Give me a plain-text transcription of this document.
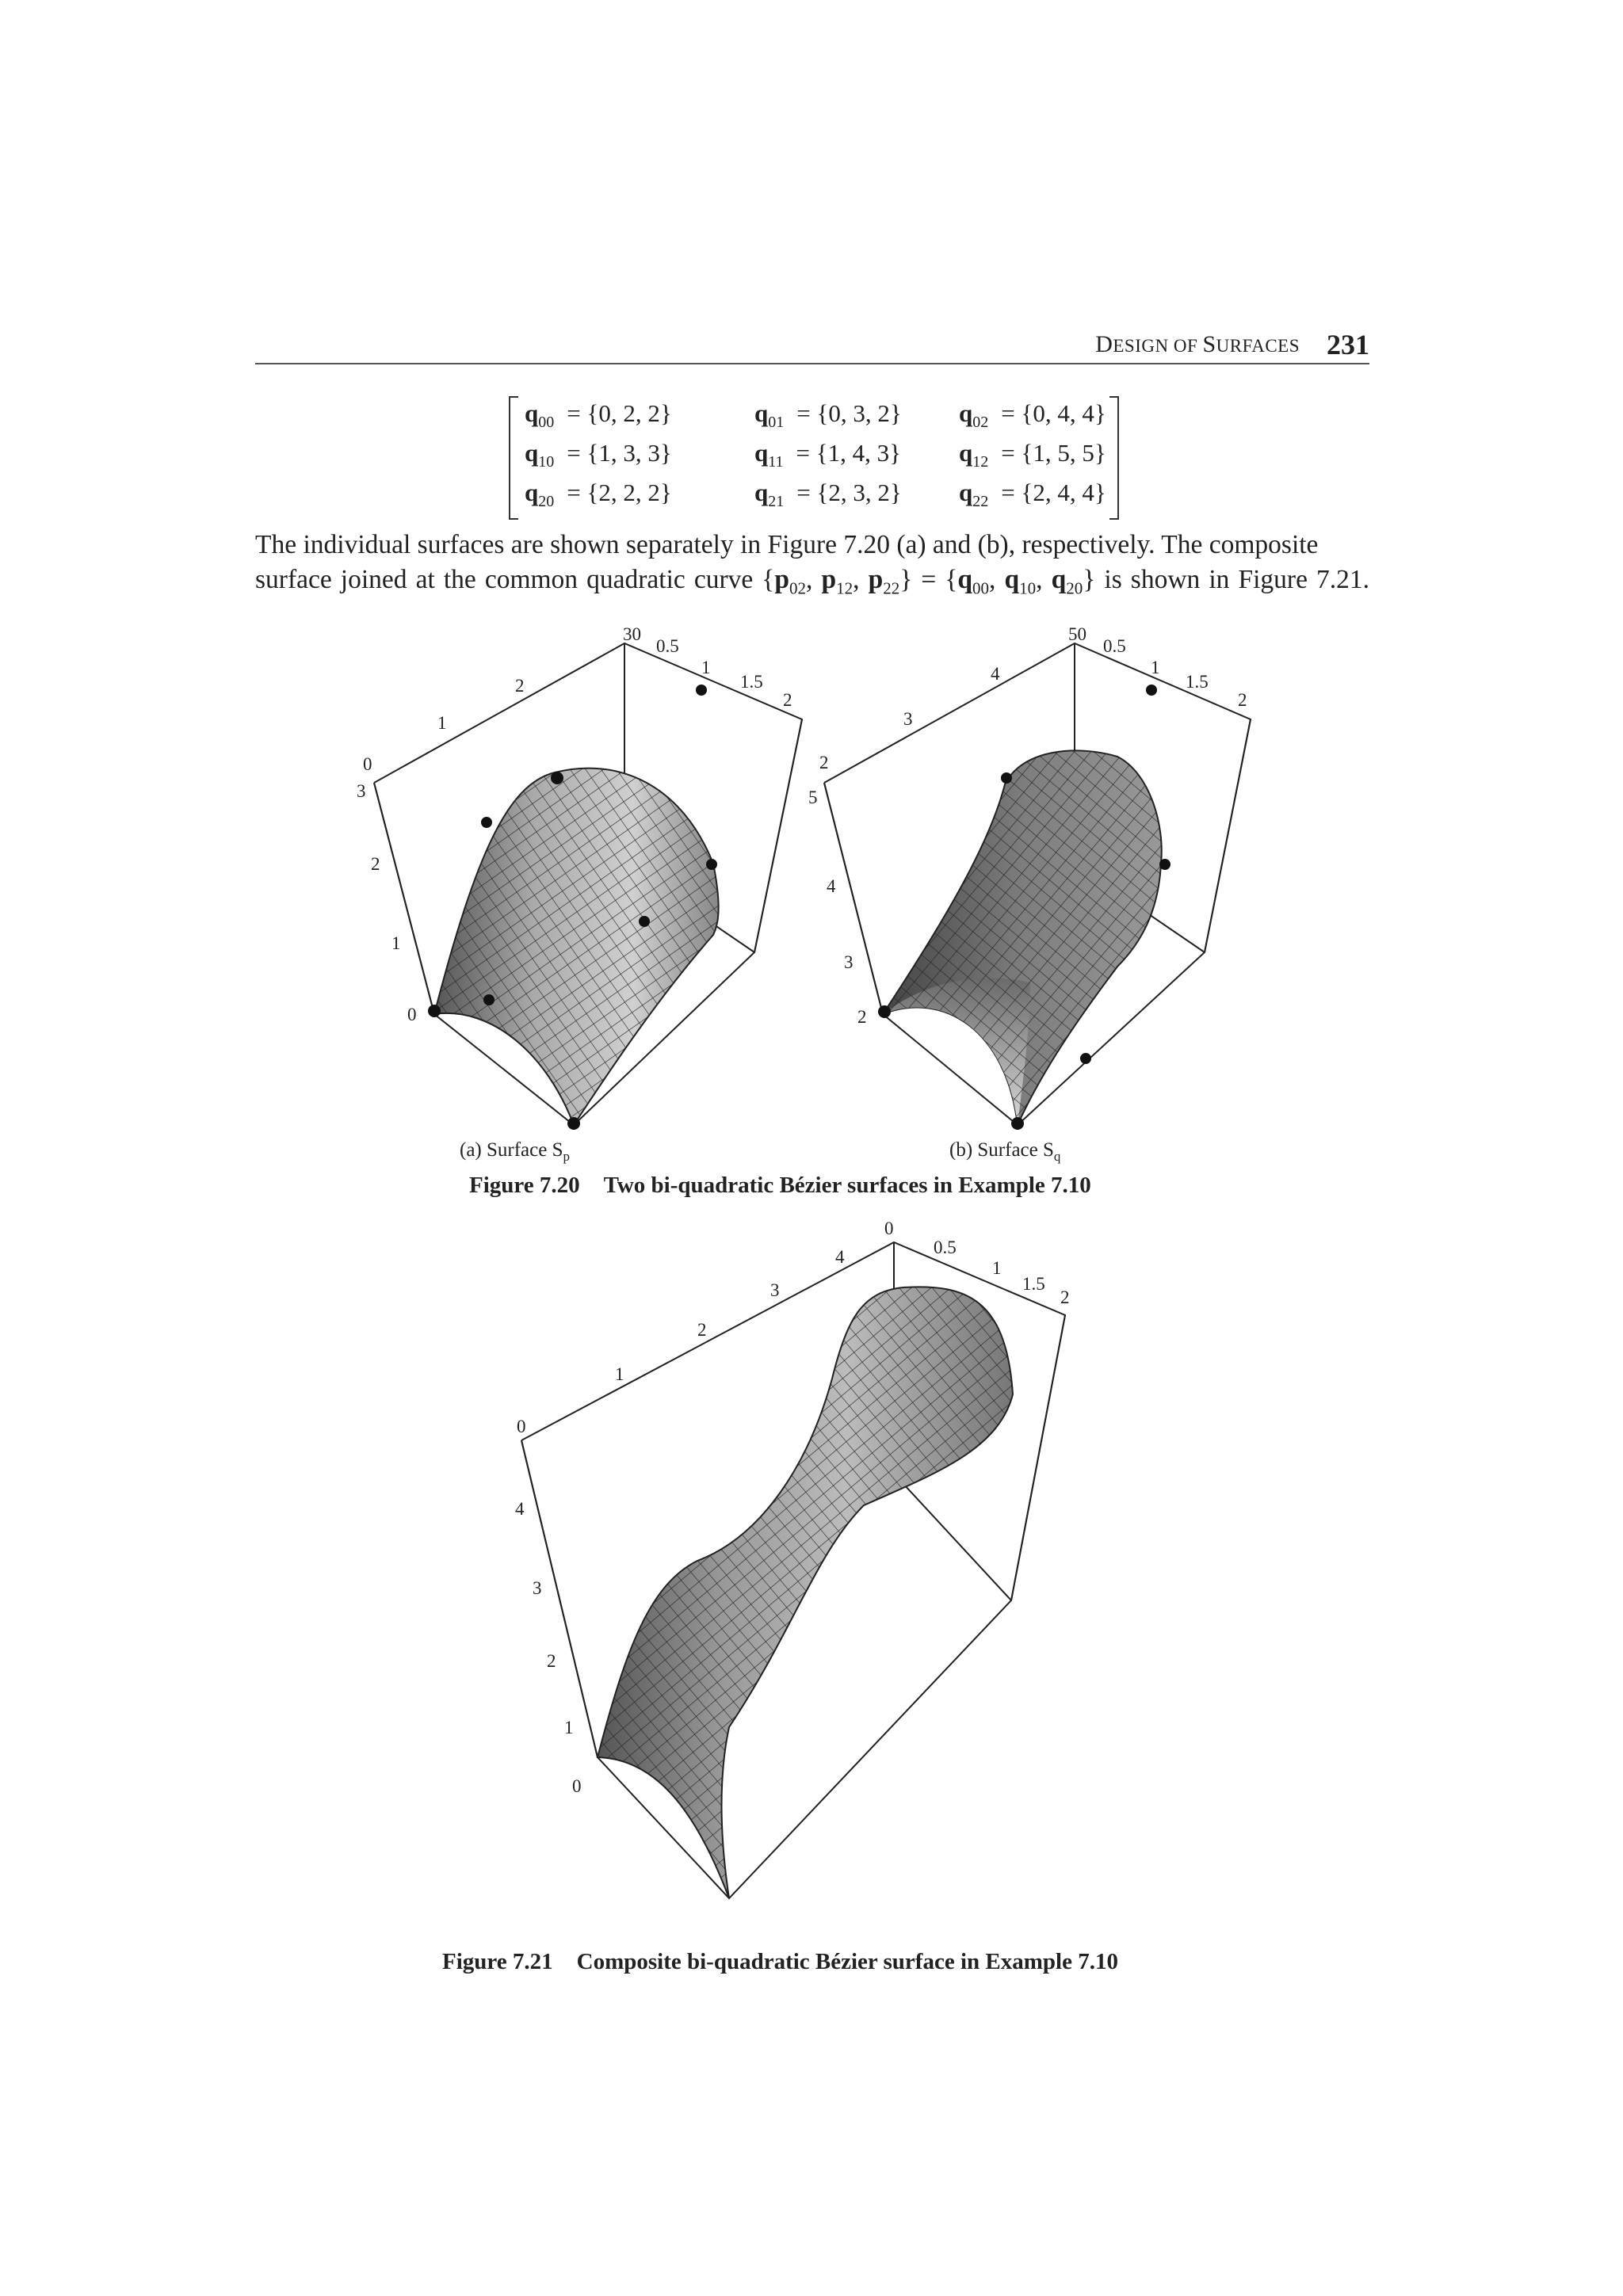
DESIGN OF SURFACES 231
$q_{00} = \{0$, 2, 2}	$q_{01} = \{0$, 3, 2} $q_{02} = \{0$, 4, 4}
$q_{10} = \{1$, 3, 3}	$q_{11} = \{1$, 4, 3} $q_{12} = \{1$, 5, 5}
$q_{20} = \{2$, 2, 2}	$q_{21} = \{2$, 3, 2} $q_{22} = \{2$, 4, 4}
The individual surfaces are shown separately in Figure 7.20 (a) and (b), respectively. The composite
surface joined at the common quadratic curve {$p_{02}$, $p_{12}$, $p_{22}\} = \{q_{00}$, $q_{10}$, $q_{20}$} is shown in Figure 7.21.
30
0.5
1
1.5
2
2
1
0
3
2
1
0
50
0.5
1
1.5
2
4
3
2
5
4
3
2
0
0.5
1
1.5
2
4
3
2
1
0
4
3
2
1
0
(a) Surface $S_p$	(b) Surface $S_q$
Figure 7.20 Two bi-quadratic Bézier surfaces in Example 7.10
Figure 7.21 Composite bi-quadratic Bézier surface in Example 7.10
